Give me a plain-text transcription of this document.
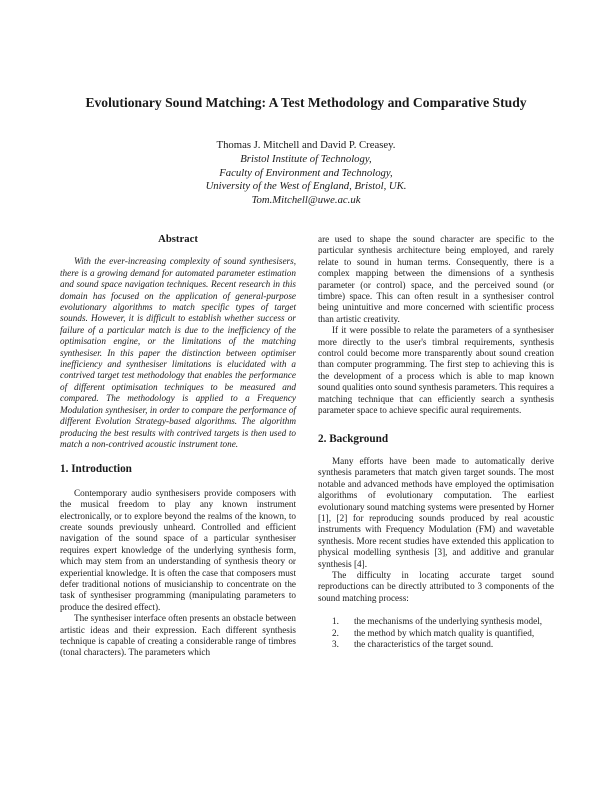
Evolutionary Sound Matching: A Test Methodology and Comparative Study
Thomas J. Mitchell and David P. Creasey.
Bristol Institute of Technology,
Faculty of Environment and Technology,
University of the West of England, Bristol, UK.
Tom.Mitchell@uwe.ac.uk
Abstract

With the ever-increasing complexity of sound synthesisers, there is a growing demand for automated parameter estimation and sound space navigation techniques. Recent research in this domain has focused on the application of general-purpose evolutionary algorithms to match specific types of target sounds. However, it is difficult to establish whether success or failure of a particular match is due to the inefficiency of the optimisation engine, or the limitations of the matching synthesiser. In this paper the distinction between optimiser inefficiency and synthesiser limitations is elucidated with a contrived target test methodology that enables the performance of different optimisation techniques to be measured and compared. The methodology is applied to a Frequency Modulation synthesiser, in order to compare the performance of different Evolution Strategy-based algorithms. The algorithm producing the best results with contrived targets is then used to match a non-contrived acoustic instrument tone.

1. Introduction

Contemporary audio synthesisers provide composers with the musical freedom to play any known instrument electronically, or to explore beyond the realms of the known, to create sounds previously unheard. Controlled and efficient navigation of the sound space of a particular synthesiser requires expert knowledge of the underlying synthesis form, which may stem from an understanding of synthesis theory or experiential knowledge. It is often the case that composers must defer traditional notions of musicianship to concentrate on the task of synthesiser programming (manipulating parameters to produce the desired effect).

The synthesiser interface often presents an obstacle between artistic ideas and their expression. Each different synthesis technique is capable of creating a considerable range of timbres (tonal characters). The parameters which

are used to shape the sound character are specific to the particular synthesis architecture being employed, and rarely relate to sound in human terms. Consequently, there is a complex mapping between the dimensions of a synthesis parameter (or control) space, and the perceived sound (or timbre) space. This can often result in a synthesiser control being unintuitive and more concerned with scientific process than artistic creativity.

If it were possible to relate the parameters of a synthesiser more directly to the user's timbral requirements, synthesis control could become more transparently about sound creation than computer programming. The first step to achieving this is the development of a process which is able to map known sound qualities onto sound synthesis parameters. This requires a matching technique that can efficiently search a synthesis parameter space to achieve specific aural requirements.

2. Background

Many efforts have been made to automatically derive synthesis parameters that match given target sounds. The most notable and advanced methods have employed the optimisation algorithms of evolutionary computation. The earliest evolutionary sound matching systems were presented by Horner [1], [2] for reproducing sounds produced by real acoustic instruments with Frequency Modulation (FM) and wavetable synthesis. More recent studies have extended this application to physical modelling synthesis [3], and additive and granular synthesis [4].

The difficulty in locating accurate target sound reproductions can be directly attributed to 3 components of the sound matching process:

1. the mechanisms of the underlying synthesis model,
2. the method by which match quality is quantified,
3. the characteristics of the target sound.
